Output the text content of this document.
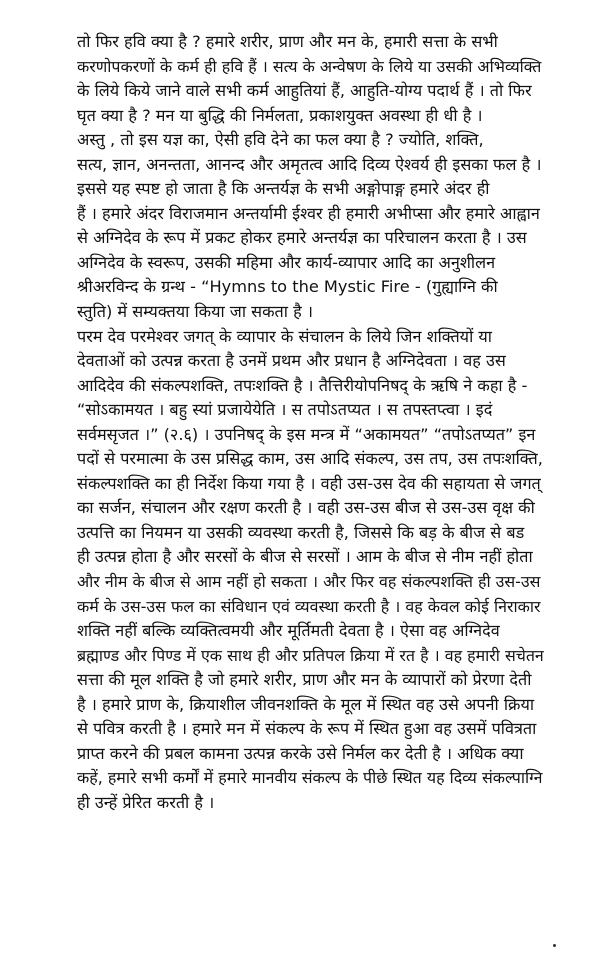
तो फिर हवि क्या है ? हमारे शरीर, प्राण और मन के, हमारी सत्ता के सभी
करणोपकरणों के कर्म ही हवि हैं । सत्य के अन्वेषण के लिये या उसकी अभिव्यक्ति
के लिये किये जाने वाले सभी कर्म आहुतियां हैं, आहुति-योग्य पदार्थ हैं । तो फिर
घृत क्या है ? मन या बुद्धि की निर्मलता, प्रकाशयुक्त अवस्था ही धी है ।

अस्तु , तो इस यज्ञ का, ऐसी हवि देने का फल क्या है ? ज्योति, शक्ति,
सत्य, ज्ञान, अनन्तता, आनन्द और अमृतत्व आदि दिव्य ऐश्वर्य ही इसका फल है ।

इससे यह स्पष्ट हो जाता है कि अन्तर्यज्ञ के सभी अङ्गोपाङ्ग हमारे अंदर ही
हैं । हमारे अंदर विराजमान अन्तर्यामी ईश्वर ही हमारी अभीप्सा और हमारे आह्वान
से अग्निदेव के रूप में प्रकट होकर हमारे अन्तर्यज्ञ का परिचालन करता है । उस
अग्निदेव के स्वरूप, उसकी महिमा और कार्य-व्यापार आदि का अनुशीलन
श्रीअरविन्द के ग्रन्थ - “Hymns to the Mystic Fire - (गुह्याग्नि की
स्तुति) में सम्यक्तया किया जा सकता है ।

परम देव परमेश्वर जगत् के व्यापार के संचालन के लिये जिन शक्तियों या
देवताओं को उत्पन्न करता है उनमें प्रथम और प्रधान है अग्निदेवता । वह उस
आदिदेव की संकल्पशक्ति, तपःशक्ति है । तैत्तिरीयोपनिषद् के ऋषि ने कहा है -
“सोऽकामयत । बहु स्यां प्रजायेयेति । स तपोऽतप्यत । स तपस्तप्त्वा । इदं
सर्वमसृजत ।” (२.६) । उपनिषद् के इस मन्त्र में “अकामयत” “तपोऽतप्यत” इन
पदों से परमात्मा के उस प्रसिद्ध काम, उस आदि संकल्प, उस तप, उस तपःशक्ति,
संकल्पशक्ति का ही निर्देश किया गया है । वही उस-उस देव की सहायता से जगत्
का सर्जन, संचालन और रक्षण करती है । वही उस-उस बीज से उस-उस वृक्ष की
उत्पत्ति का नियमन या उसकी व्यवस्था करती है, जिससे कि बड़ के बीज से बड
ही उत्पन्न होता है और सरसों के बीज से सरसों । आम के बीज से नीम नहीं होता
और नीम के बीज से आम नहीं हो सकता । और फिर वह संकल्पशक्ति ही उस-उस
कर्म के उस-उस फल का संविधान एवं व्यवस्था करती है । वह केवल कोई निराकार
शक्ति नहीं बल्कि व्यक्तित्वमयी और मूर्तिमती देवता है । ऐसा वह अग्निदेव
ब्रह्माण्ड और पिण्ड में एक साथ ही और प्रतिपल क्रिया में रत है । वह हमारी सचेतन
सत्ता की मूल शक्ति है जो हमारे शरीर, प्राण और मन के व्यापारों को प्रेरणा देती
है । हमारे प्राण के, क्रियाशील जीवनशक्ति के मूल में स्थित वह उसे अपनी क्रिया
से पवित्र करती है । हमारे मन में संकल्प के रूप में स्थित हुआ वह उसमें पवित्रता
प्राप्त करने की प्रबल कामना उत्पन्न करके उसे निर्मल कर देती है । अधिक क्या
कहें, हमारे सभी कर्मों में हमारे मानवीय संकल्प के पीछे स्थित यह दिव्य संकल्पाग्नि
ही उन्हें प्रेरित करती है ।
